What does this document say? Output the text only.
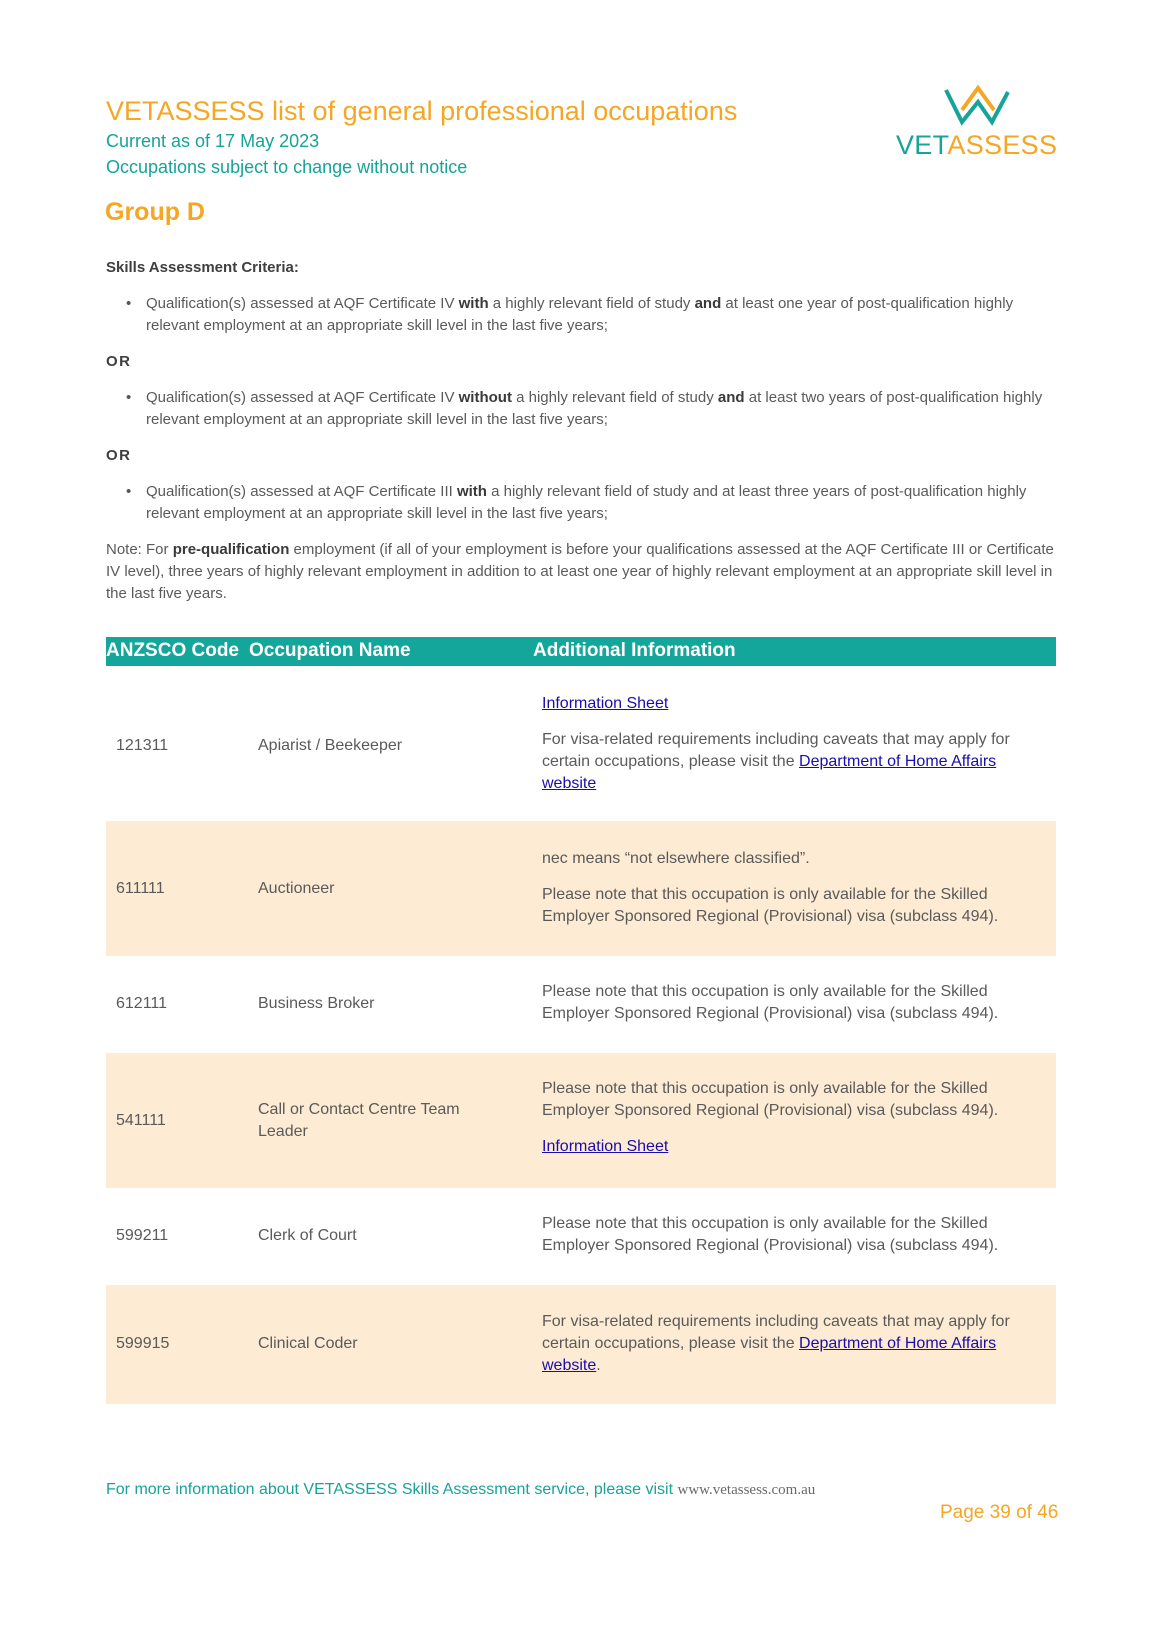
VETASSESS list of general professional occupations

Current as of 17 May 2023

Occupations subject to change without notice

VETASSESS
Group D

Skills Assessment Criteria:

• Qualification(s) assessed at AQF Certificate IV with a highly relevant field of study and at least one year of post-qualification highly relevant employment at an appropriate skill level in the last five years;

OR

• Qualification(s) assessed at AQF Certificate IV without a highly relevant field of study and at least two years of post-qualification highly relevant employment at an appropriate skill level in the last five years;

OR

• Qualification(s) assessed at AQF Certificate III with a highly relevant field of study and at least three years of post-qualification highly relevant employment at an appropriate skill level in the last five years;

Note: For pre-qualification employment (if all of your employment is before your qualifications assessed at the AQF Certificate III or Certificate IV level), three years of highly relevant employment in addition to at least one year of highly relevant employment at an appropriate skill level in the last five years.

ANZSCO Code Occupation Name	Additional Information
121311	Apiarist / Beekeeper

Information Sheet

For visa-related requirements including caveats that may apply for certain occupations, please visit the Department of Home Affairs website

611111	Auctioneer

nec means “not elsewhere classified”.

Please note that this occupation is only available for the Skilled Employer Sponsored Regional (Provisional) visa (subclass 494).

612111	Business Broker

Please note that this occupation is only available for the Skilled Employer Sponsored Regional (Provisional) visa (subclass 494).

541111
Call or Contact Centre Team Leader

Please note that this occupation is only available for the Skilled Employer Sponsored Regional (Provisional) visa (subclass 494).

Information Sheet

599211	Clerk of Court

Please note that this occupation is only available for the Skilled Employer Sponsored Regional (Provisional) visa (subclass 494).

599915	Clinical Coder

For visa-related requirements including caveats that may apply for certain occupations, please visit the Department of Home Affairs website.

For more information about VETASSESS Skills Assessment service, please visit www.vetassess.com.au
Page 39 of 46
